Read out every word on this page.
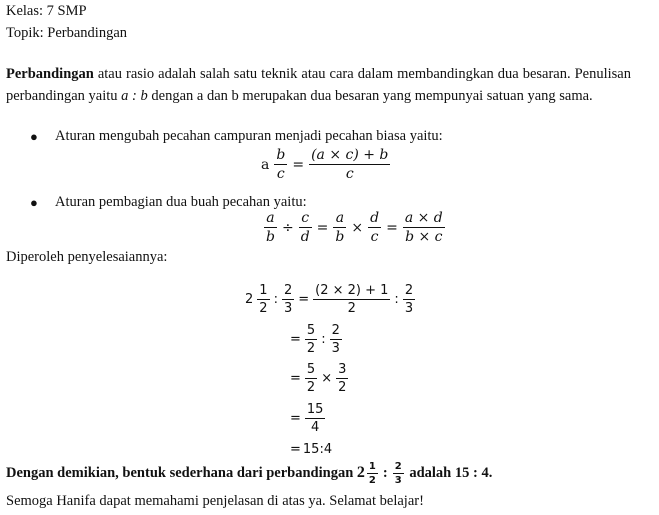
Kelas: 7 SMP
Topik: Perbandingan
Perbandingan atau rasio adalah salah satu teknik atau cara dalam membandingkan dua besaran. Penulisan perbandingan yaitu a : b dengan a dan b merupakan dua besaran yang mempunyai satuan yang sama.
● Aturan mengubah pecahan campuran menjadi pecahan biasa yaitu:
a $\frac{b}{c} = \frac{(a \times c) + b}{c}$
● Aturan pembagian dua buah pecahan yaitu:
$\frac{a}{b} \div \frac{c}{d} = \frac{a}{b} \times \frac{d}{c} = \frac{a \times d}{b \times c}$
Diperoleh penyelesaiannya:
$2 \frac{1}{2}$ : $\frac{2}{3} = \frac{(2 \times 2) + 1}{2}$ : $\frac{2}{3}$
= $\frac{5}{2}$ : $\frac{2}{3}$
= $\frac{5}{2} \times \frac{3}{2}$
= $\frac{15}{4}$
= 15:4
Dengan demikian, bentuk sederhana dari perbandingan $2 \frac{1}{2}$ : $\frac{2}{3}$ adalah 15 : 4.
Semoga Hanifa dapat memahami penjelasan di atas ya. Selamat belajar!
